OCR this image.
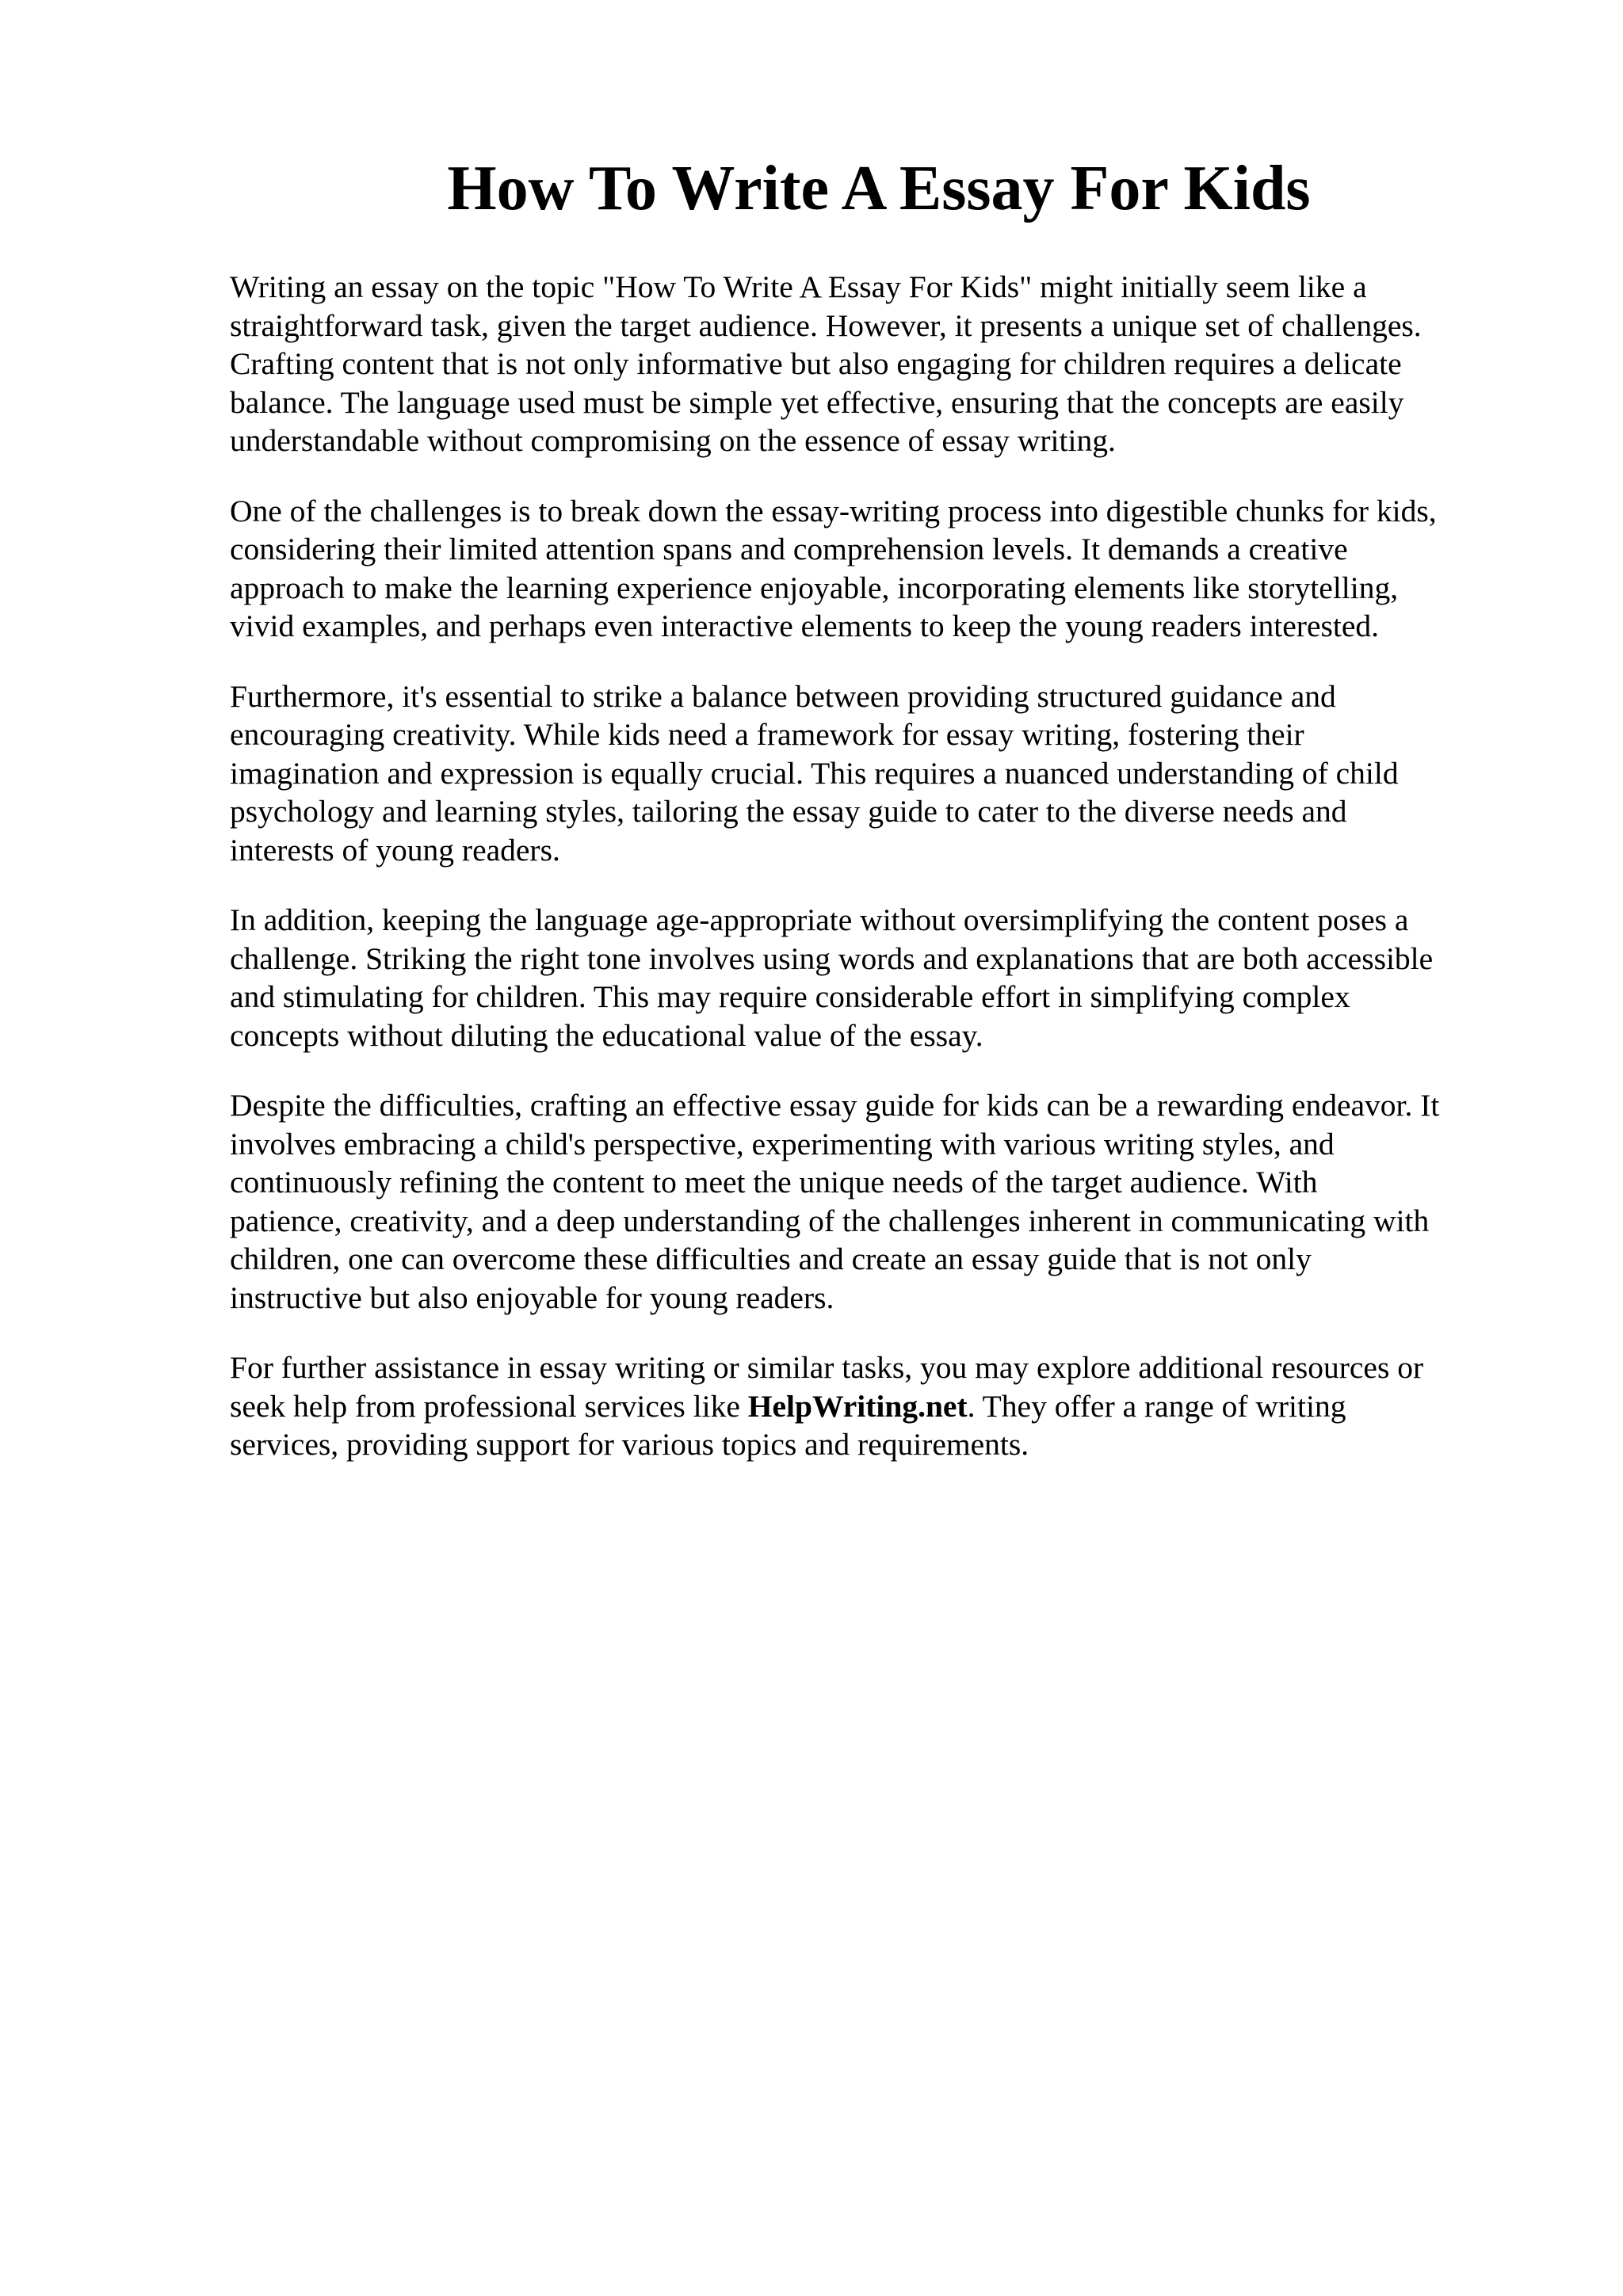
How To Write A Essay For Kids

Writing an essay on the topic "How To Write A Essay For Kids" might initially seem like a
straightforward task, given the target audience. However, it presents a unique set of challenges.
Crafting content that is not only informative but also engaging for children requires a delicate
balance. The language used must be simple yet effective, ensuring that the concepts are easily
understandable without compromising on the essence of essay writing.

One of the challenges is to break down the essay-writing process into digestible chunks for kids,
considering their limited attention spans and comprehension levels. It demands a creative
approach to make the learning experience enjoyable, incorporating elements like storytelling,
vivid examples, and perhaps even interactive elements to keep the young readers interested.

Furthermore, it's essential to strike a balance between providing structured guidance and
encouraging creativity. While kids need a framework for essay writing, fostering their
imagination and expression is equally crucial. This requires a nuanced understanding of child
psychology and learning styles, tailoring the essay guide to cater to the diverse needs and
interests of young readers.

In addition, keeping the language age-appropriate without oversimplifying the content poses a
challenge. Striking the right tone involves using words and explanations that are both accessible
and stimulating for children. This may require considerable effort in simplifying complex
concepts without diluting the educational value of the essay.

Despite the difficulties, crafting an effective essay guide for kids can be a rewarding endeavor. It
involves embracing a child's perspective, experimenting with various writing styles, and
continuously refining the content to meet the unique needs of the target audience. With
patience, creativity, and a deep understanding of the challenges inherent in communicating with
children, one can overcome these difficulties and create an essay guide that is not only
instructive but also enjoyable for young readers.

For further assistance in essay writing or similar tasks, you may explore additional resources or
seek help from professional services like HelpWriting.net. They offer a range of writing
services, providing support for various topics and requirements.
